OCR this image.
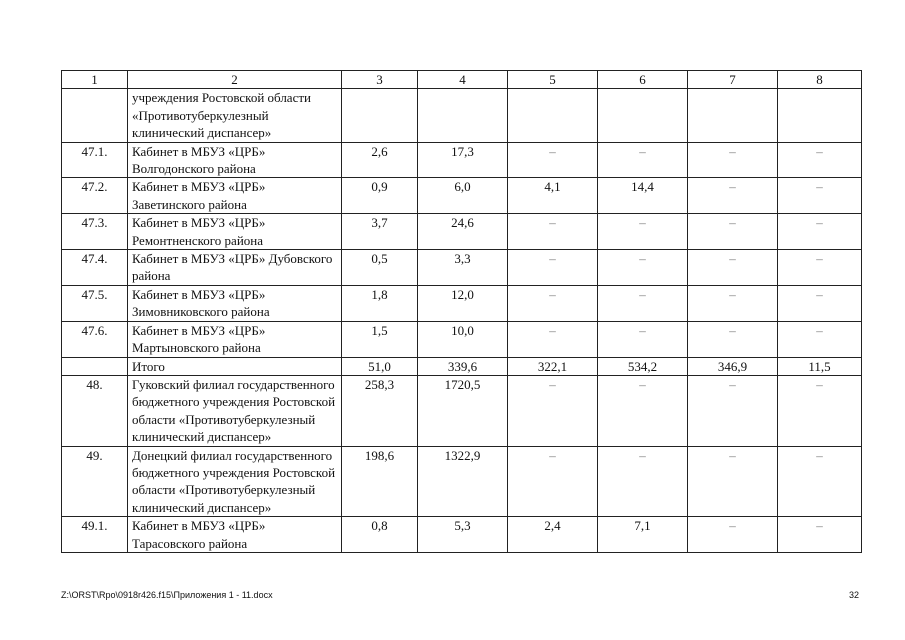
1	2	3	4	5	6	7	8
	учреждения Ростовской области «Противотуберкулезный клинический диспансер»						
47.1.	Кабинет в МБУЗ «ЦРБ» Волгодонского района	2,6	17,3	–	–	–	–
47.2.	Кабинет в МБУЗ «ЦРБ» Заветинского района	0,9	6,0	4,1	14,4	–	–
47.3.	Кабинет в МБУЗ «ЦРБ» Ремонтненского района	3,7	24,6	–	–	–	–
47.4.	Кабинет в МБУЗ «ЦРБ» Дубовского района	0,5	3,3	–	–	–	–
47.5.	Кабинет в МБУЗ «ЦРБ» Зимовниковского района	1,8	12,0	–	–	–	–
47.6.	Кабинет в МБУЗ «ЦРБ» Мартыновского района	1,5	10,0	–	–	–	–
	Итого	51,0	339,6	322,1	534,2	346,9	11,5
48.	Гуковский филиал государственного бюджетного учреждения Ростовской области «Противотуберкулезный клинический диспансер»	258,3	1720,5	–	–	–	–
49.	Донецкий филиал государственного бюджетного учреждения Ростовской области «Противотуберкулезный клинический диспансер»	198,6	1322,9	–	–	–	–
49.1.	Кабинет в МБУЗ «ЦРБ» Тарасовского района	0,8	5,3	2,4	7,1	–	–
Z:\ORST\Rpo\0918r426.f15\Приложения 1 - 11.docx	32
